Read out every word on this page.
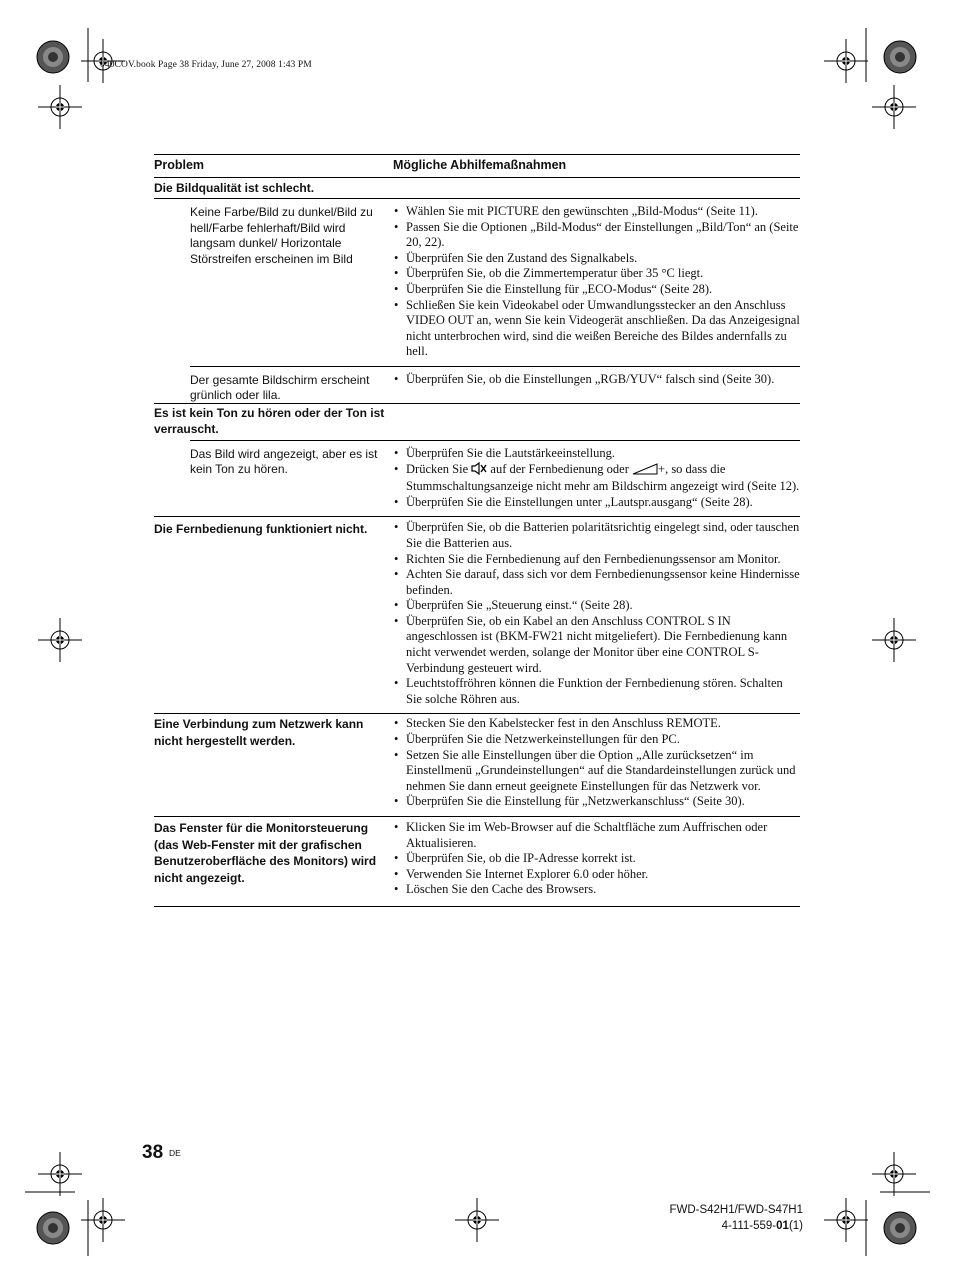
040COV.book Page 38 Friday, June 27, 2008 1:43 PM
Problem	Mögliche Abhilfemaßnahmen
Die Bildqualität ist schlecht.
Keine Farbe/Bild zu dunkel/Bild zu hell/Farbe fehlerhaft/Bild wird langsam dunkel/ Horizontale Störstreifen erscheinen im Bild
• Wählen Sie mit PICTURE den gewünschten „Bild-Modus“ (Seite 11).
• Passen Sie die Optionen „Bild-Modus“ der Einstellungen „Bild/Ton“ an (Seite 20, 22).
• Überprüfen Sie den Zustand des Signalkabels.
• Überprüfen Sie, ob die Zimmertemperatur über 35 °C liegt.
• Überprüfen Sie die Einstellung für „ECO-Modus“ (Seite 28).
• Schließen Sie kein Videokabel oder Umwandlungsstecker an den Anschluss VIDEO OUT an, wenn Sie kein Videogerät anschließen. Da das Anzeigesignal nicht unterbrochen wird, sind die weißen Bereiche des Bildes andernfalls zu hell.
Der gesamte Bildschirm erscheint grünlich oder lila.
• Überprüfen Sie, ob die Einstellungen „RGB/YUV“ falsch sind (Seite 30).
Es ist kein Ton zu hören oder der Ton ist verrauscht.
Das Bild wird angezeigt, aber es ist kein Ton zu hören.
• Überprüfen Sie die Lautstärkeeinstellung.
• Drücken Sie auf der Fernbedienung oder +, so dass die Stummschaltungsanzeige nicht mehr am Bildschirm angezeigt wird (Seite 12).
• Überprüfen Sie die Einstellungen unter „Lautspr.ausgang“ (Seite 28).
Die Fernbedienung funktioniert nicht.
•	Überprüfen Sie, ob die Batterien polaritätsrichtig eingelegt sind, oder tauschen Sie die Batterien aus.
• Richten Sie die Fernbedienung auf den Fernbedienungssensor am Monitor.
• Achten Sie darauf, dass sich vor dem Fernbedienungssensor keine Hindernisse befinden.
• Überprüfen Sie „Steuerung einst.“ (Seite 28).
• Überprüfen Sie, ob ein Kabel an den Anschluss CONTROL S IN angeschlossen ist (BKM-FW21 nicht mitgeliefert). Die Fernbedienung kann nicht verwendet werden, solange der Monitor über eine CONTROL S-Verbindung gesteuert wird.
• Leuchtstoffröhren können die Funktion der Fernbedienung stören. Schalten Sie solche Röhren aus.
Eine Verbindung zum Netzwerk kann nicht hergestellt werden.
• Stecken Sie den Kabelstecker fest in den Anschluss REMOTE.
• Überprüfen Sie die Netzwerkeinstellungen für den PC.
• Setzen Sie alle Einstellungen über die Option „Alle zurücksetzen“ im Einstellmenü „Grundeinstellungen“ auf die Standardeinstellungen zurück und nehmen Sie dann erneut geeignete Einstellungen für das Netzwerk vor.
• Überprüfen Sie die Einstellung für „Netzwerkanschluss“ (Seite 30).
Das Fenster für die Monitorsteuerung (das Web-Fenster mit der grafischen Benutzeroberfläche des Monitors) wird nicht angezeigt.
• Klicken Sie im Web-Browser auf die Schaltfläche zum Auffrischen oder Aktualisieren.
• Überprüfen Sie, ob die IP-Adresse korrekt ist.
• Verwenden Sie Internet Explorer 6.0 oder höher.
• Löschen Sie den Cache des Browsers.
38 DE
FWD-S42H1/FWD-S47H1
4-111-559-01(1)
